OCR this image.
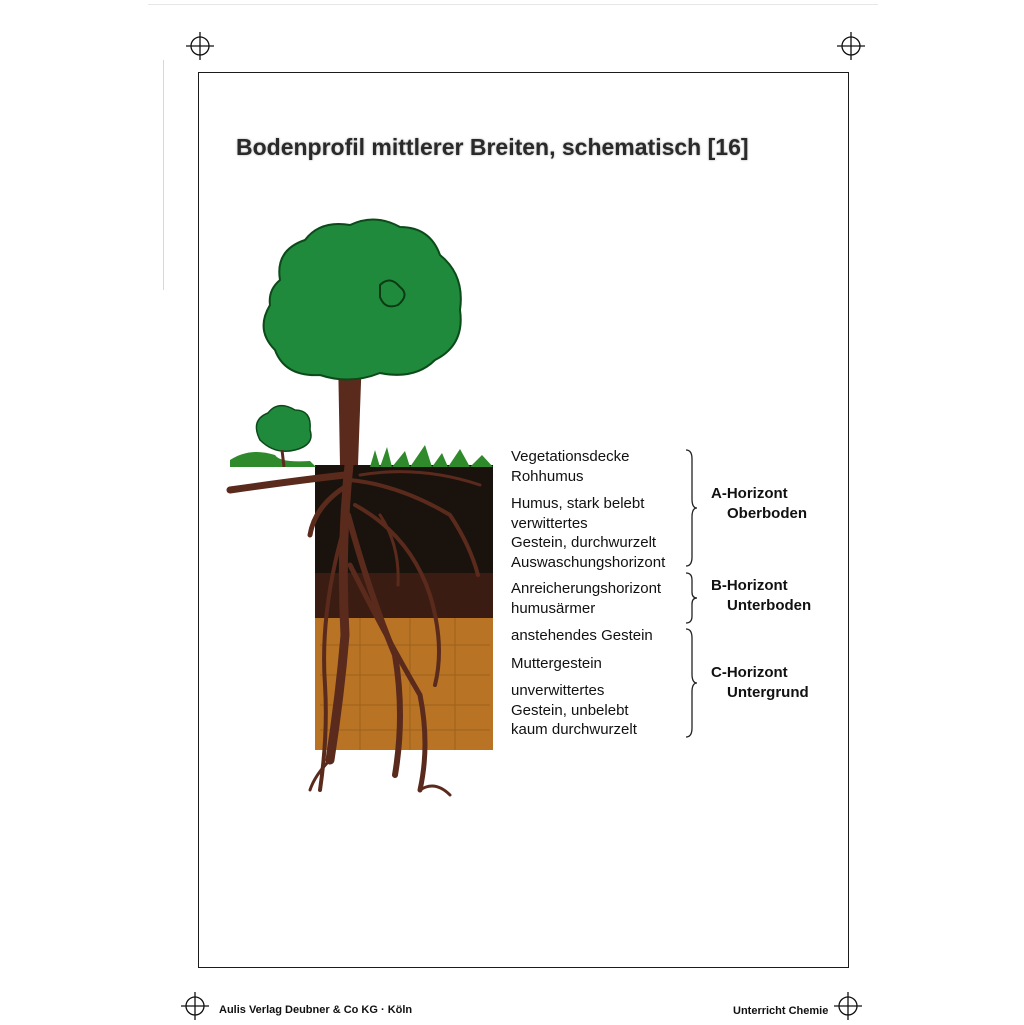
Bodenprofil mittlerer Breiten, schematisch [16]
Vegetationsdecke
Rohhumus
Humus, stark belebt
verwittertes
Gestein, durchwurzelt
Auswaschungshorizont
Anreicherungshorizont
humusärmer
anstehendes Gestein
Muttergestein
unverwittertes
Gestein, unbelebt
kaum durchwurzelt
A-Horizont
Oberboden
B-Horizont
Unterboden
C-Horizont
Untergrund

Aulis Verlag Deubner & Co KG · Köln	Unterricht Chemie
